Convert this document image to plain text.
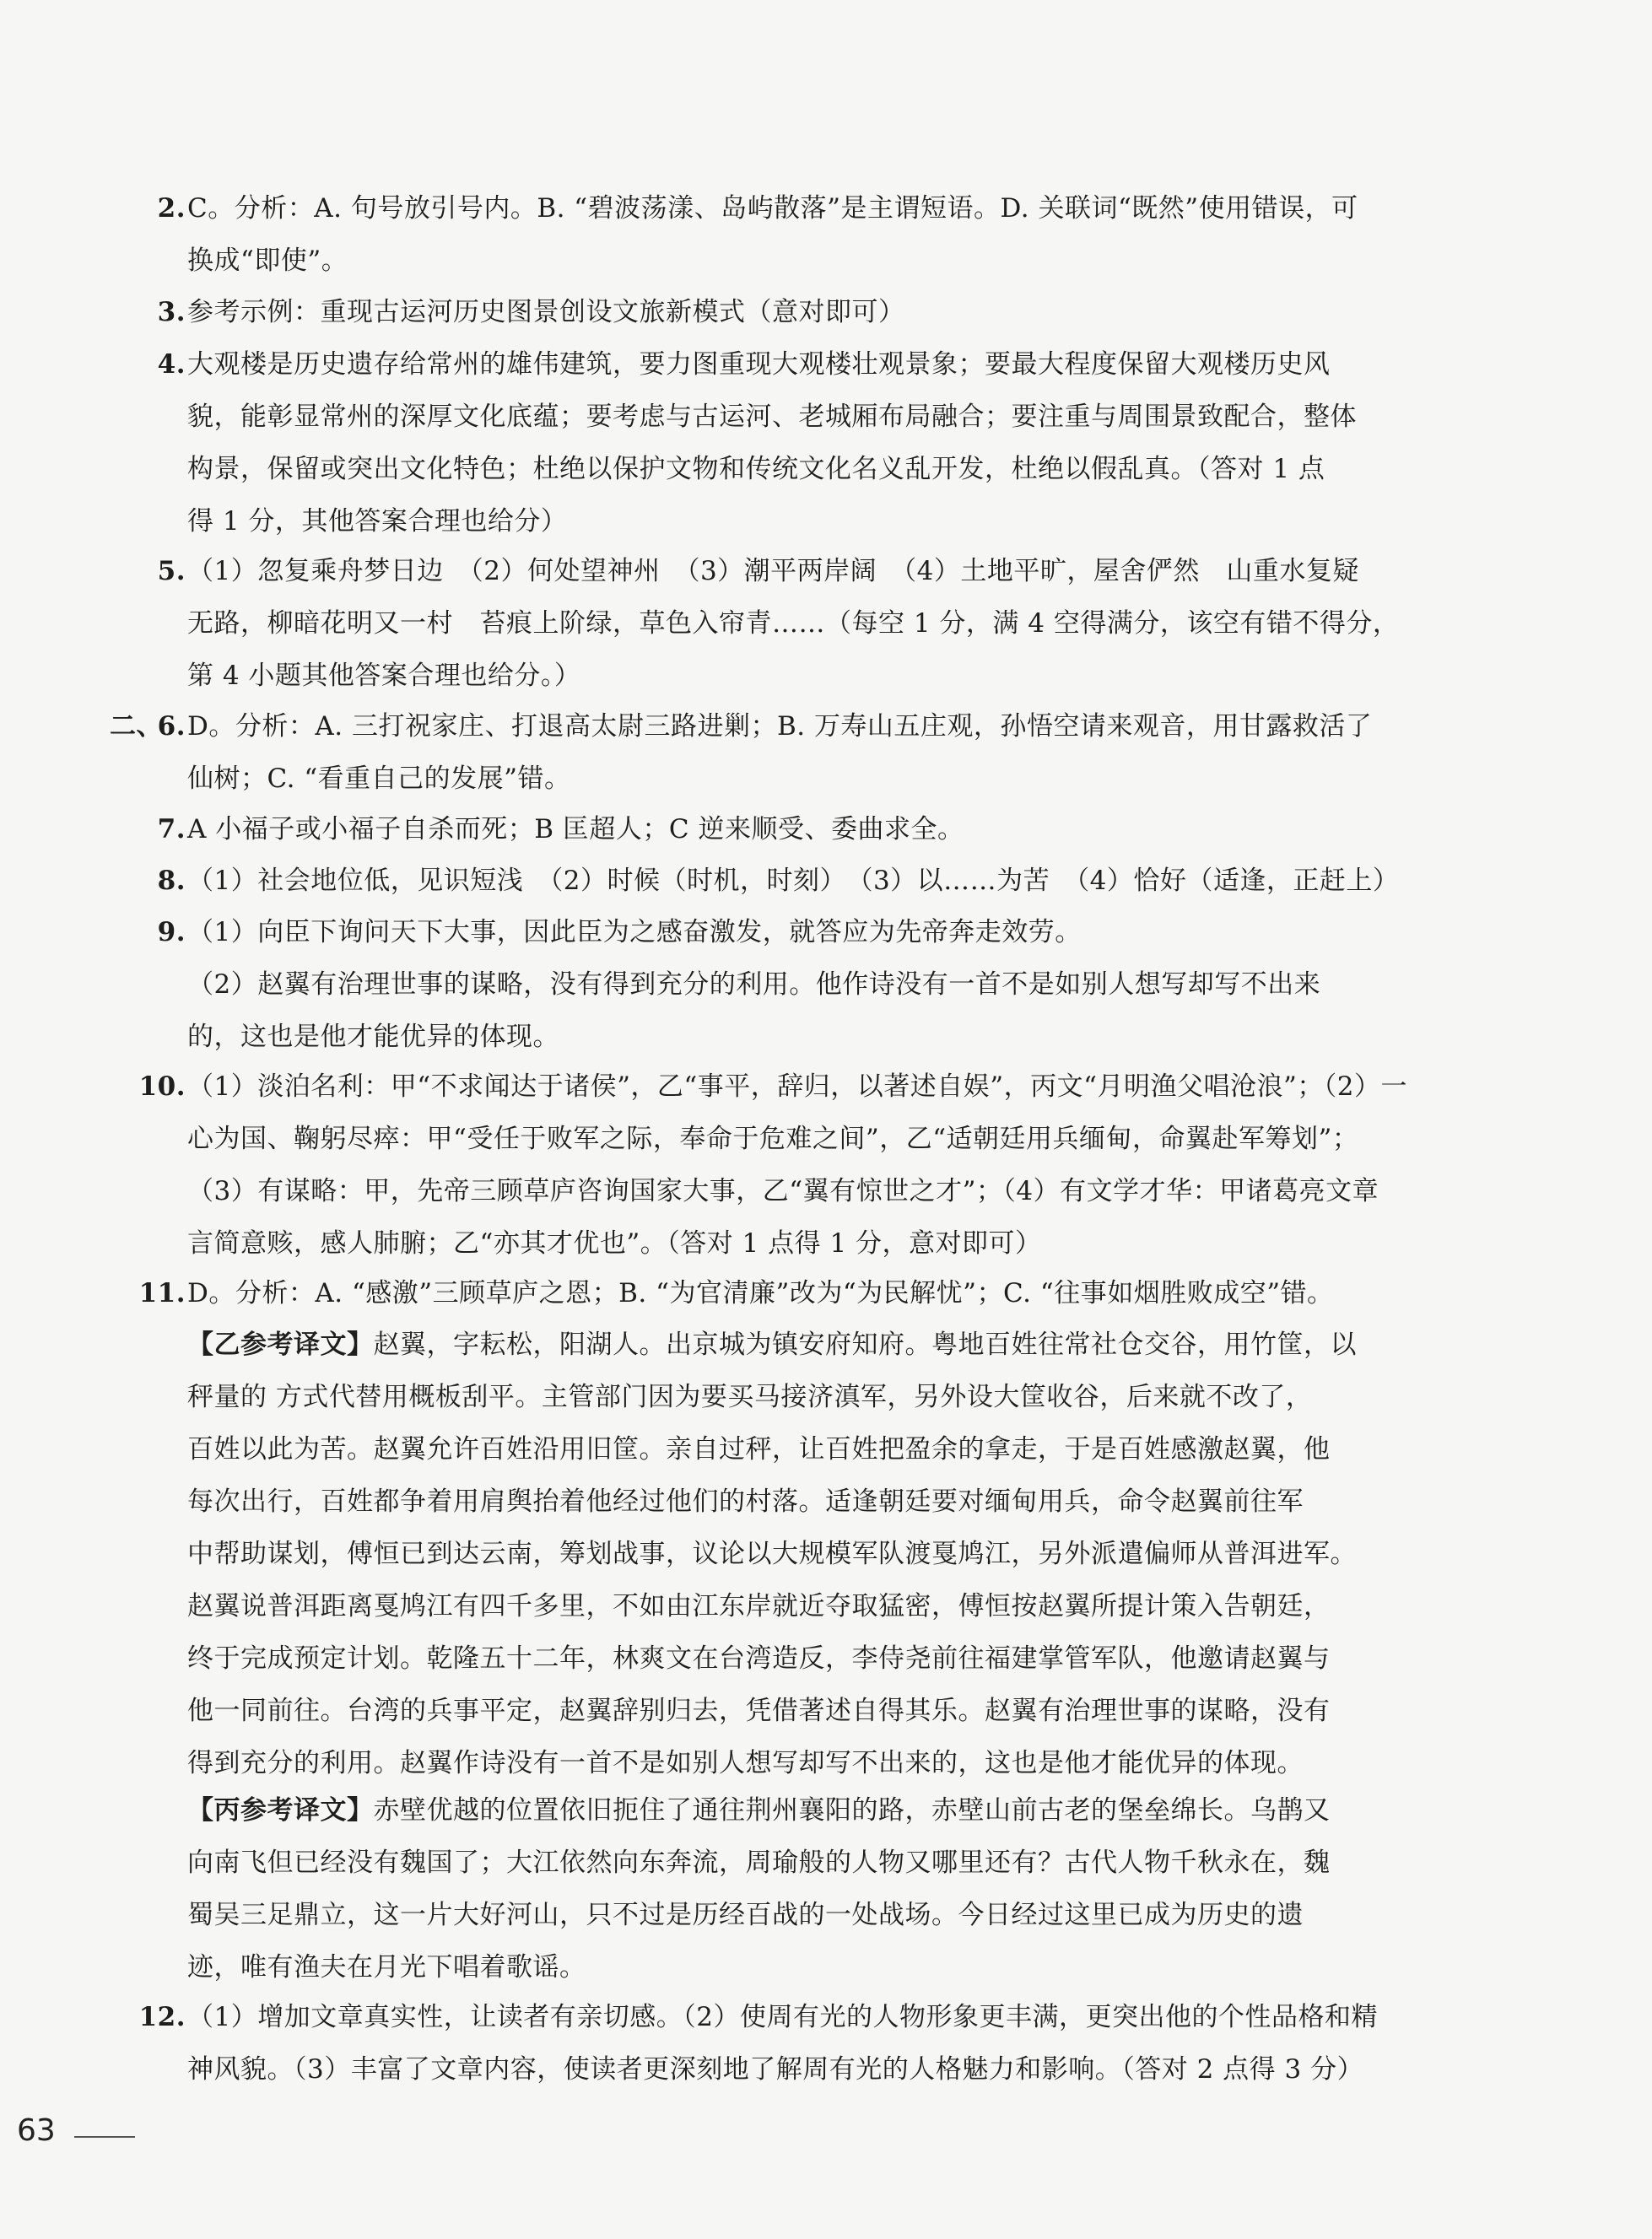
2. C。分析：A. 句号放引号内。B. “碧波荡漾、岛屿散落”是主谓短语。D. 关联词“既然”使用错误，可
换成“即使”。
3. 参考示例：重现古运河历史图景创设文旅新模式（意对即可）
4. 大观楼是历史遗存给常州的雄伟建筑，要力图重现大观楼壮观景象；要最大程度保留大观楼历史风
貌，能彰显常州的深厚文化底蕴；要考虑与古运河、老城厢布局融合；要注重与周围景致配合，整体
构景，保留或突出文化特色；杜绝以保护文物和传统文化名义乱开发，杜绝以假乱真。（答对 1 点
得 1 分，其他答案合理也给分）
5. （1）忽复乘舟梦日边　（2）何处望神州　（3）潮平两岸阔　（4）土地平旷，屋舍俨然　山重水复疑
无路，柳暗花明又一村　苔痕上阶绿，草色入帘青……（每空 1 分，满 4 空得满分，该空有错不得分，
第 4 小题其他答案合理也给分。）
二、
6. D。分析：A. 三打祝家庄、打退高太尉三路进剿；B. 万寿山五庄观，孙悟空请来观音，用甘露救活了
仙树；C. “看重自己的发展”错。
7. A 小福子或小福子自杀而死；B 匡超人；C 逆来顺受、委曲求全。
8. （1）社会地位低，见识短浅　（2）时候（时机，时刻）　（3）以……为苦　（4）恰好（适逢，正赶上）
9. （1）向臣下询问天下大事，因此臣为之感奋激发，就答应为先帝奔走效劳。
（2）赵翼有治理世事的谋略，没有得到充分的利用。他作诗没有一首不是如别人想写却写不出来
的，这也是他才能优异的体现。
10. （1）淡泊名利：甲“不求闻达于诸侯”，乙“事平，辞归，以著述自娱”，丙文“月明渔父唱沧浪”；（2）一
心为国、鞠躬尽瘁：甲“受任于败军之际，奉命于危难之间”，乙“适朝廷用兵缅甸，命翼赴军筹划”；
（3）有谋略：甲，先帝三顾草庐咨询国家大事，乙“翼有惊世之才”；（4）有文学才华：甲诸葛亮文章
言简意赅，感人肺腑；乙“亦其才优也”。（答对 1 点得 1 分，意对即可）
11. D。分析：A. “感激”三顾草庐之恩；B. “为官清廉”改为“为民解忧”；C. “往事如烟胜败成空”错。
【乙参考译文】赵翼，字耘松，阳湖人。出京城为镇安府知府。粤地百姓往常社仓交谷，用竹筐，以
秤量的 方式代替用概板刮平。主管部门因为要买马接济滇军，另外设大筐收谷，后来就不改了，
百姓以此为苦。赵翼允许百姓沿用旧筐。亲自过秤，让百姓把盈余的拿走，于是百姓感激赵翼，他
每次出行，百姓都争着用肩舆抬着他经过他们的村落。适逢朝廷要对缅甸用兵，命令赵翼前往军
中帮助谋划，傅恒已到达云南，筹划战事，议论以大规模军队渡戛鸠江，另外派遣偏师从普洱进军。
赵翼说普洱距离戛鸠江有四千多里，不如由江东岸就近夺取猛密，傅恒按赵翼所提计策入告朝廷，
终于完成预定计划。乾隆五十二年，林爽文在台湾造反，李侍尧前往福建掌管军队，他邀请赵翼与
他一同前往。台湾的兵事平定，赵翼辞别归去，凭借著述自得其乐。赵翼有治理世事的谋略，没有
得到充分的利用。赵翼作诗没有一首不是如别人想写却写不出来的，这也是他才能优异的体现。
【丙参考译文】赤壁优越的位置依旧扼住了通往荆州襄阳的路，赤壁山前古老的堡垒绵长。乌鹊又
向南飞但已经没有魏国了；大江依然向东奔流，周瑜般的人物又哪里还有？古代人物千秋永在，魏
蜀吴三足鼎立，这一片大好河山，只不过是历经百战的一处战场。今日经过这里已成为历史的遗
迹，唯有渔夫在月光下唱着歌谣。
12. （1）增加文章真实性，让读者有亲切感。（2）使周有光的人物形象更丰满，更突出他的个性品格和精
神风貌。（3）丰富了文章内容，使读者更深刻地了解周有光的人格魅力和影响。（答对 2 点得 3 分）
63
